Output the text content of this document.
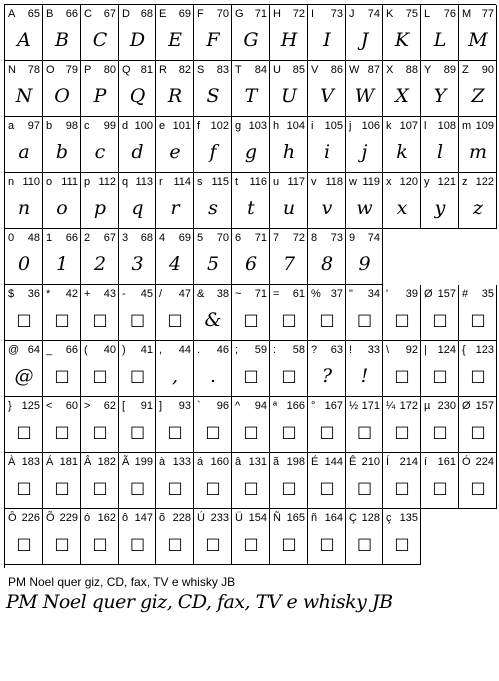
A 65
A
B 66
B
C 67
C
D 68
D
E 69
E
F 70
F
G 71
G
H 72
H
I 73
I
J 74
J
K 75
K
L 76
L
M 77
M
N 78
N
O 79
O
P 80
P
Q 81
Q
R 82
R
S 83
S
T 84
T
U 85
U
V 86
V
W 87
W
X 88
X
Y 89
Y
Z 90
Z
a 97
a
b 98
b
c 99
c
d 100
d
e 101
e
f 102
f
g 103
g
h 104
h
i 105
i
j 106
j
k 107
k
l 108
l
m 109
m
n 110
n
o 111
o
p 112
p
q 113
q
r 114
r
s 115
s
t 116
t
u 117
u
v 118
v
w 119
w
x 120
x
y 121
y
z 122
z
0 48
0
1 66
1
2 67
2
3 68
3
4 69
4
5 70
5
6 71
6
7 72
7
8 73
8
9 74
9
$ 36
□
* 42
□
+ 43
□
- 45
□
/ 47
□
& 38
&
~ 71
□
= 61
□
% 37
□
" 34
□
' 39
□
Ø 157
□
# 35
□
@ 64
@
_ 66
□
( 40
□
) 41
□
, 44
,
. 46
.
; 59
□
: 58
□
? 63
?
! 33
!
\ 92
□
| 124
□
{ 123
□
} 125
□
< 60
□
> 62
□
[ 91
□
] 93
□
` 96
□
^ 94
□
ª 166
□
° 167
□
½ 171
□
¼ 172
□
µ 230
□
Ø 157
□
À 183
□
Á 181
□
Â 182
□
Ã 199
□
à 133
□
á 160
□
â 131
□
ã 198
□
É 144
□
Ê 210
□
Í 214
□
í 161
□
Ó 224
□
Ô 226
□
Õ 229
□
ó 162
□
ô 147
□
õ 228
□
Ú 233
□
Ü 154
□
Ñ 165
□
ñ 164
□
Ç 128
□
ç 135
□
PM Noel quer giz, CD, fax, TV e whisky JB
PM Noel quer giz, CD, fax, TV e whisky JB
